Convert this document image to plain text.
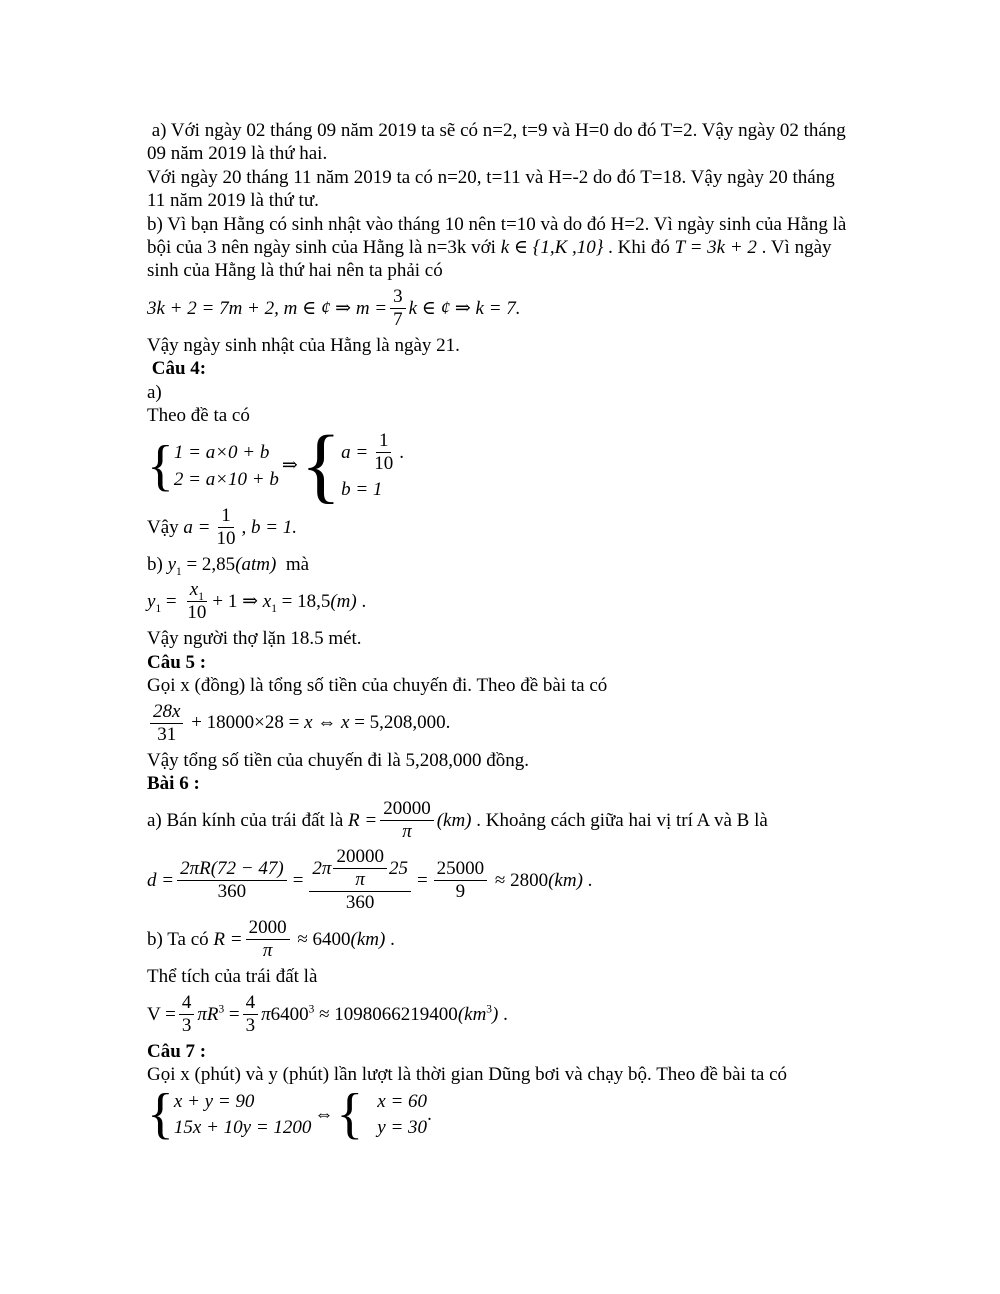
a) Với ngày 02 tháng 09 năm 2019 ta sẽ có n=2, t=9 và H=0 do đó T=2. Vậy ngày 02 tháng

09 năm 2019 là thứ hai.

Với ngày 20 tháng 11 năm 2019 ta có n=20, t=11 và H=-2 do đó T=18. Vậy ngày 20 tháng

11 năm 2019 là thứ tư.

b) Vì bạn Hằng có sinh nhật vào tháng 10 nên t=10 và do đó H=2. Vì ngày sinh của Hằng là

bội của 3 nên ngày sinh của Hằng là n=3k với k ∈ {1,K ,10} . Khi đó T = 3k + 2 . Vì ngày

sinh của Hằng là thứ hai nên ta phải có

3k + 2 = 7m + 2, m ∈ ¢ ⇒ $m = \frac{3}{7}$ k ∈ ¢ ⇒ k = 7.

Vậy ngày sinh nhật của Hằng là ngày 21.

Câu 4:

a)

Theo đề ta có

{ 1 = a×0 + b
2 = a×10 + b
⇒ { $a = \frac{1}{10}$ .
b = 1
Vậy $a = \frac{1}{10}$ , b = 1.

b) $y_1 = 2,85(atm)$  mà

$y_1 = \frac{x_1}{10} + 1$ ⇒ $x_1 = 18,5$ (m) .

Vậy người thợ lặn 18.5 mét.

Câu 5 :

Gọi x (đồng) là tổng số tiền của chuyến đi. Theo đề bài ta có

$\frac{28x}{31} + 18000\times 28 = x$ ⇔ x = 5,208,000.

Vậy tổng số tiền của chuyến đi là 5,208,000 đồng.

Bài 6 :

a) Bán kính của trái đất là $R = \frac{20000}{\pi} (km)$ . Khoảng cách giữa hai vị trí A và B là
$d = \frac{2\pi R(72 - 47)}{360} = \frac{2\pi \frac{20000}{\pi} 25}{360} = \frac{25000}{9} \approx 2800$ (km) .
b) Ta có $R = \frac{2000}{\pi} \approx 6400$ (km) .

Thể tích của trái đất là

$V = \frac{4}{3} \pi R^3 = \frac{4}{3} \pi 6400^3 \approx 1098066219400$ $(km^3)$ .

Câu 7 :

Gọi x (phút) và y (phút) lần lượt là thời gian Dũng bơi và chạy bộ. Theo đề bài ta có

{ x + y = 90
15x + 10y = 1200
⇔ { x = 60
y = 30
.
